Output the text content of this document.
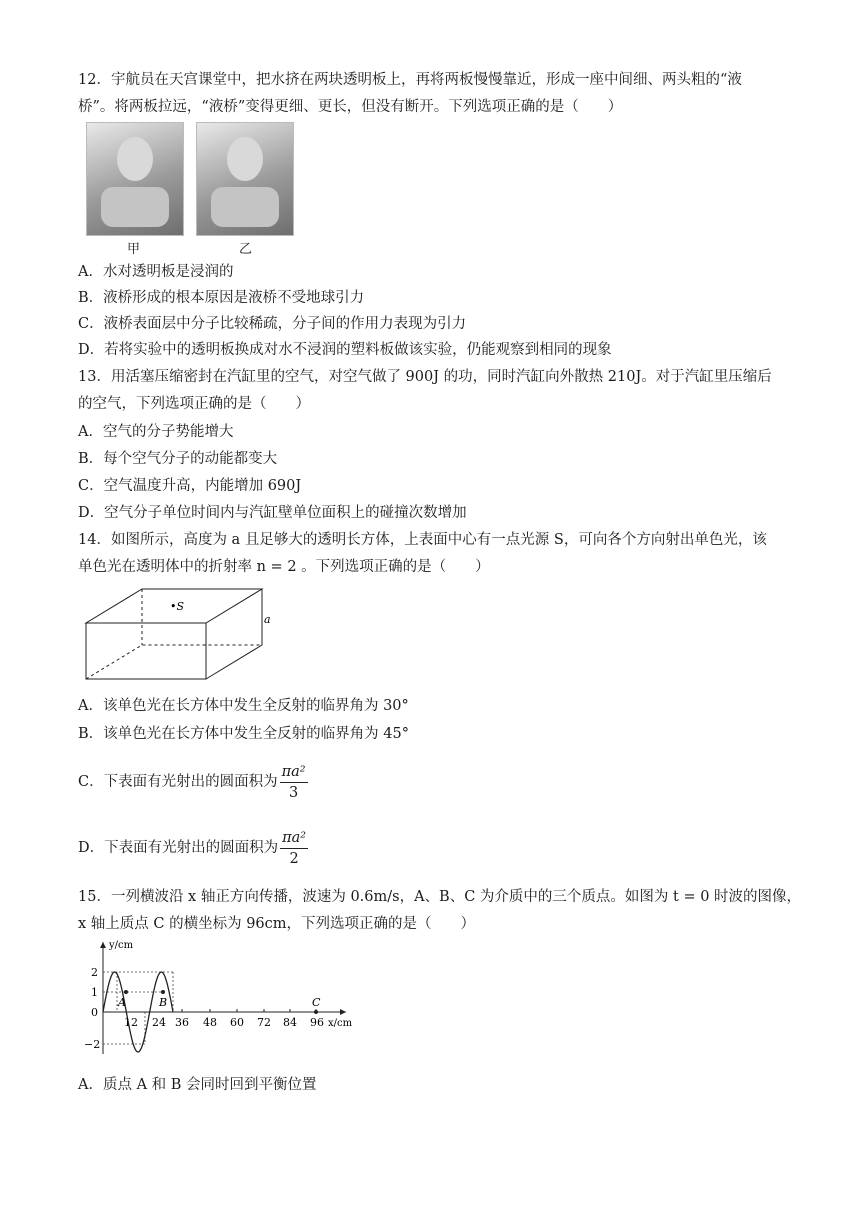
12．宇航员在天宫课堂中，把水挤在两块透明板上，再将两板慢慢靠近，形成一座中间细、两头粗的“液
桥”。将两板拉远，“液桥”变得更细、更长，但没有断开。下列选项正确的是（　　）
甲	乙
A．水对透明板是浸润的
B．液桥形成的根本原因是液桥不受地球引力
C．液桥表面层中分子比较稀疏，分子间的作用力表现为引力
D．若将实验中的透明板换成对水不浸润的塑料板做该实验，仍能观察到相同的现象
13．用活塞压缩密封在汽缸里的空气，对空气做了 900J 的功，同时汽缸向外散热 210J。对于汽缸里压缩后
的空气，下列选项正确的是（　　）
A．空气的分子势能增大
B．每个空气分子的动能都变大
C．空气温度升高，内能增加 690J
D．空气分子单位时间内与汽缸壁单位面积上的碰撞次数增加
14．如图所示，高度为 a 且足够大的透明长方体，上表面中心有一点光源 S，可向各个方向射出单色光，该
单色光在透明体中的折射率 n = 2 。下列选项正确的是（　　）
•S
a
A．该单色光在长方体中发生全反射的临界角为 30°
B．该单色光在长方体中发生全反射的临界角为 45°
C．下表面有光射出的圆面积为 $\frac{\text{πa²}}{3}$
D．下表面有光射出的圆面积为 $\frac{\text{πa²}}{2}$
15．一列横波沿 x 轴正方向传播，波速为 0.6m/s，A、B、C 为介质中的三个质点。如图为 t = 0 时波的图像，
x 轴上质点 C 的横坐标为 96cm，下列选项正确的是（　　）
y/cm
x/cm
0
2
1
−2
A	B	C
12 24 36 48 60 72 84 96
A．质点 A 和 B 会同时回到平衡位置
